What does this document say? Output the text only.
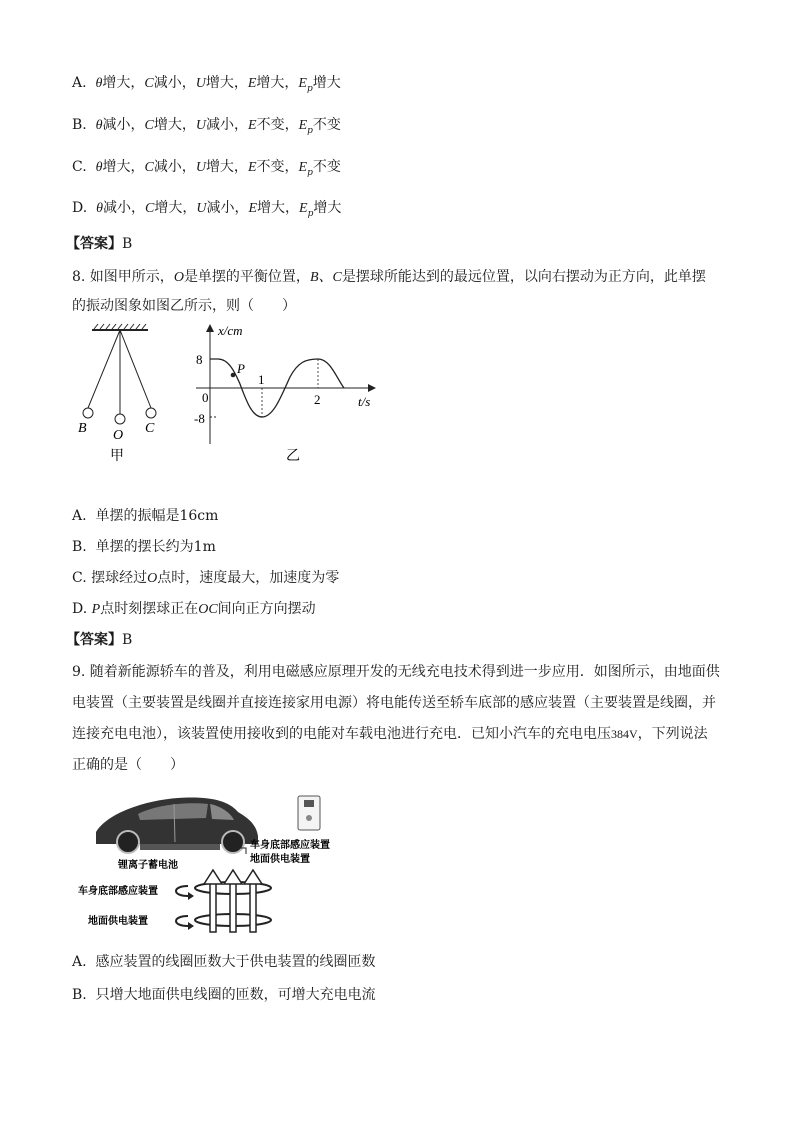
A. θ增大，C减小，U增大，E增大，$E_p$增大
B. θ减小，C增大，U减小，E不变，$E_p$不变
C. θ增大，C减小，U增大，E不变，$E_p$不变
D. θ减小，C增大，U减小，E增大，$E_p$增大
【答案】B
8. 如图甲所示，O是单摆的平衡位置，B、C是摆球所能达到的最远位置，以向右摆动为正方向，此单摆
的振动图象如图乙所示，则（　　）
B O C
甲
x/cm
t/s
8
-8
0
1
2
P
乙
A. 单摆的振幅是16cm
B. 单摆的摆长约为1m
C. 摆球经过O点时，速度最大，加速度为零
D. P点时刻摆球正在OC间向正方向摆动
【答案】B
9. 随着新能源轿车的普及，利用电磁感应原理开发的无线充电技术得到进一步应用．如图所示，由地面供
电装置（主要装置是线圈并直接连接家用电源）将电能传送至轿车底部的感应装置（主要装置是线圈，并
连接充电电池），该装置使用接收到的电能对车载电池进行充电．已知小汽车的充电电压384V，下列说法
正确的是（　　）
锂离子蓄电池
车身底部感应装置
地面供电装置
车身底部感应装置
地面供电装置
A. 感应装置的线圈匝数大于供电装置的线圈匝数
B. 只增大地面供电线圈的匝数，可增大充电电流
